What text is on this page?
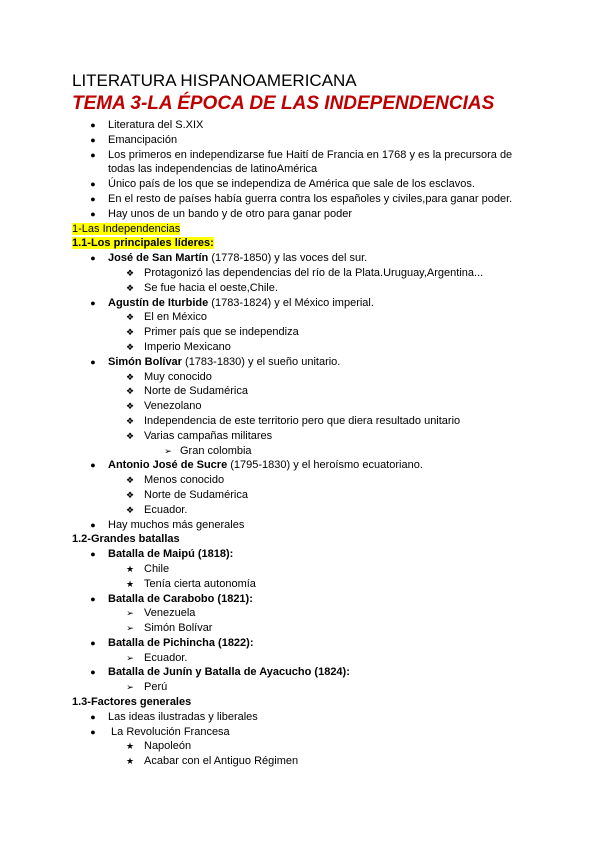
LITERATURA HISPANOAMERICANA
TEMA 3-LA ÉPOCA DE LAS INDEPENDENCIAS
● Literatura del S.XIX
● Emancipación
● Los primeros en independizarse fue Haití de Francia en 1768 y es la precursora de todas las independencias de latinoAmérica
● Único país de los que se independiza de América que sale de los esclavos.
● En el resto de países había guerra contra los españoles y civiles,para ganar poder.
● Hay unos de un bando y de otro para ganar poder
1-Las Independencias
1.1-Los principales líderes:
● José de San Martín (1778-1850) y las voces del sur.
❖ Protagonizó las dependencias del río de la Plata.Uruguay,Argentina...
❖ Se fue hacia el oeste,Chile.
● Agustín de Iturbide (1783-1824) y el México imperial.
❖ El en México
❖ Primer país que se independiza
❖ Imperio Mexicano
● Simón Bolívar (1783-1830) y el sueño unitario.
❖ Muy conocido
❖ Norte de Sudamérica
❖ Venezolano
❖ Independencia de este territorio pero que diera resultado unitario
❖ Varias campañas militares
➢ Gran colombia
● Antonio José de Sucre (1795-1830) y el heroísmo ecuatoriano.
❖ Menos conocido
❖ Norte de Sudamérica
❖ Ecuador.
● Hay muchos más generales
1.2-Grandes batallas
● Batalla de Maipú (1818):
★ Chile
★ Tenía cierta autonomía
● Batalla de Carabobo (1821):
➢ Venezuela
➢ Simón Bolívar
● Batalla de Pichincha (1822):
➢ Ecuador.
● Batalla de Junín y Batalla de Ayacucho (1824):
➢ Perú
1.3-Factores generales
● Las ideas ilustradas y liberales
● La Revolución Francesa
★ Napoleón
★ Acabar con el Antiguo Régimen
